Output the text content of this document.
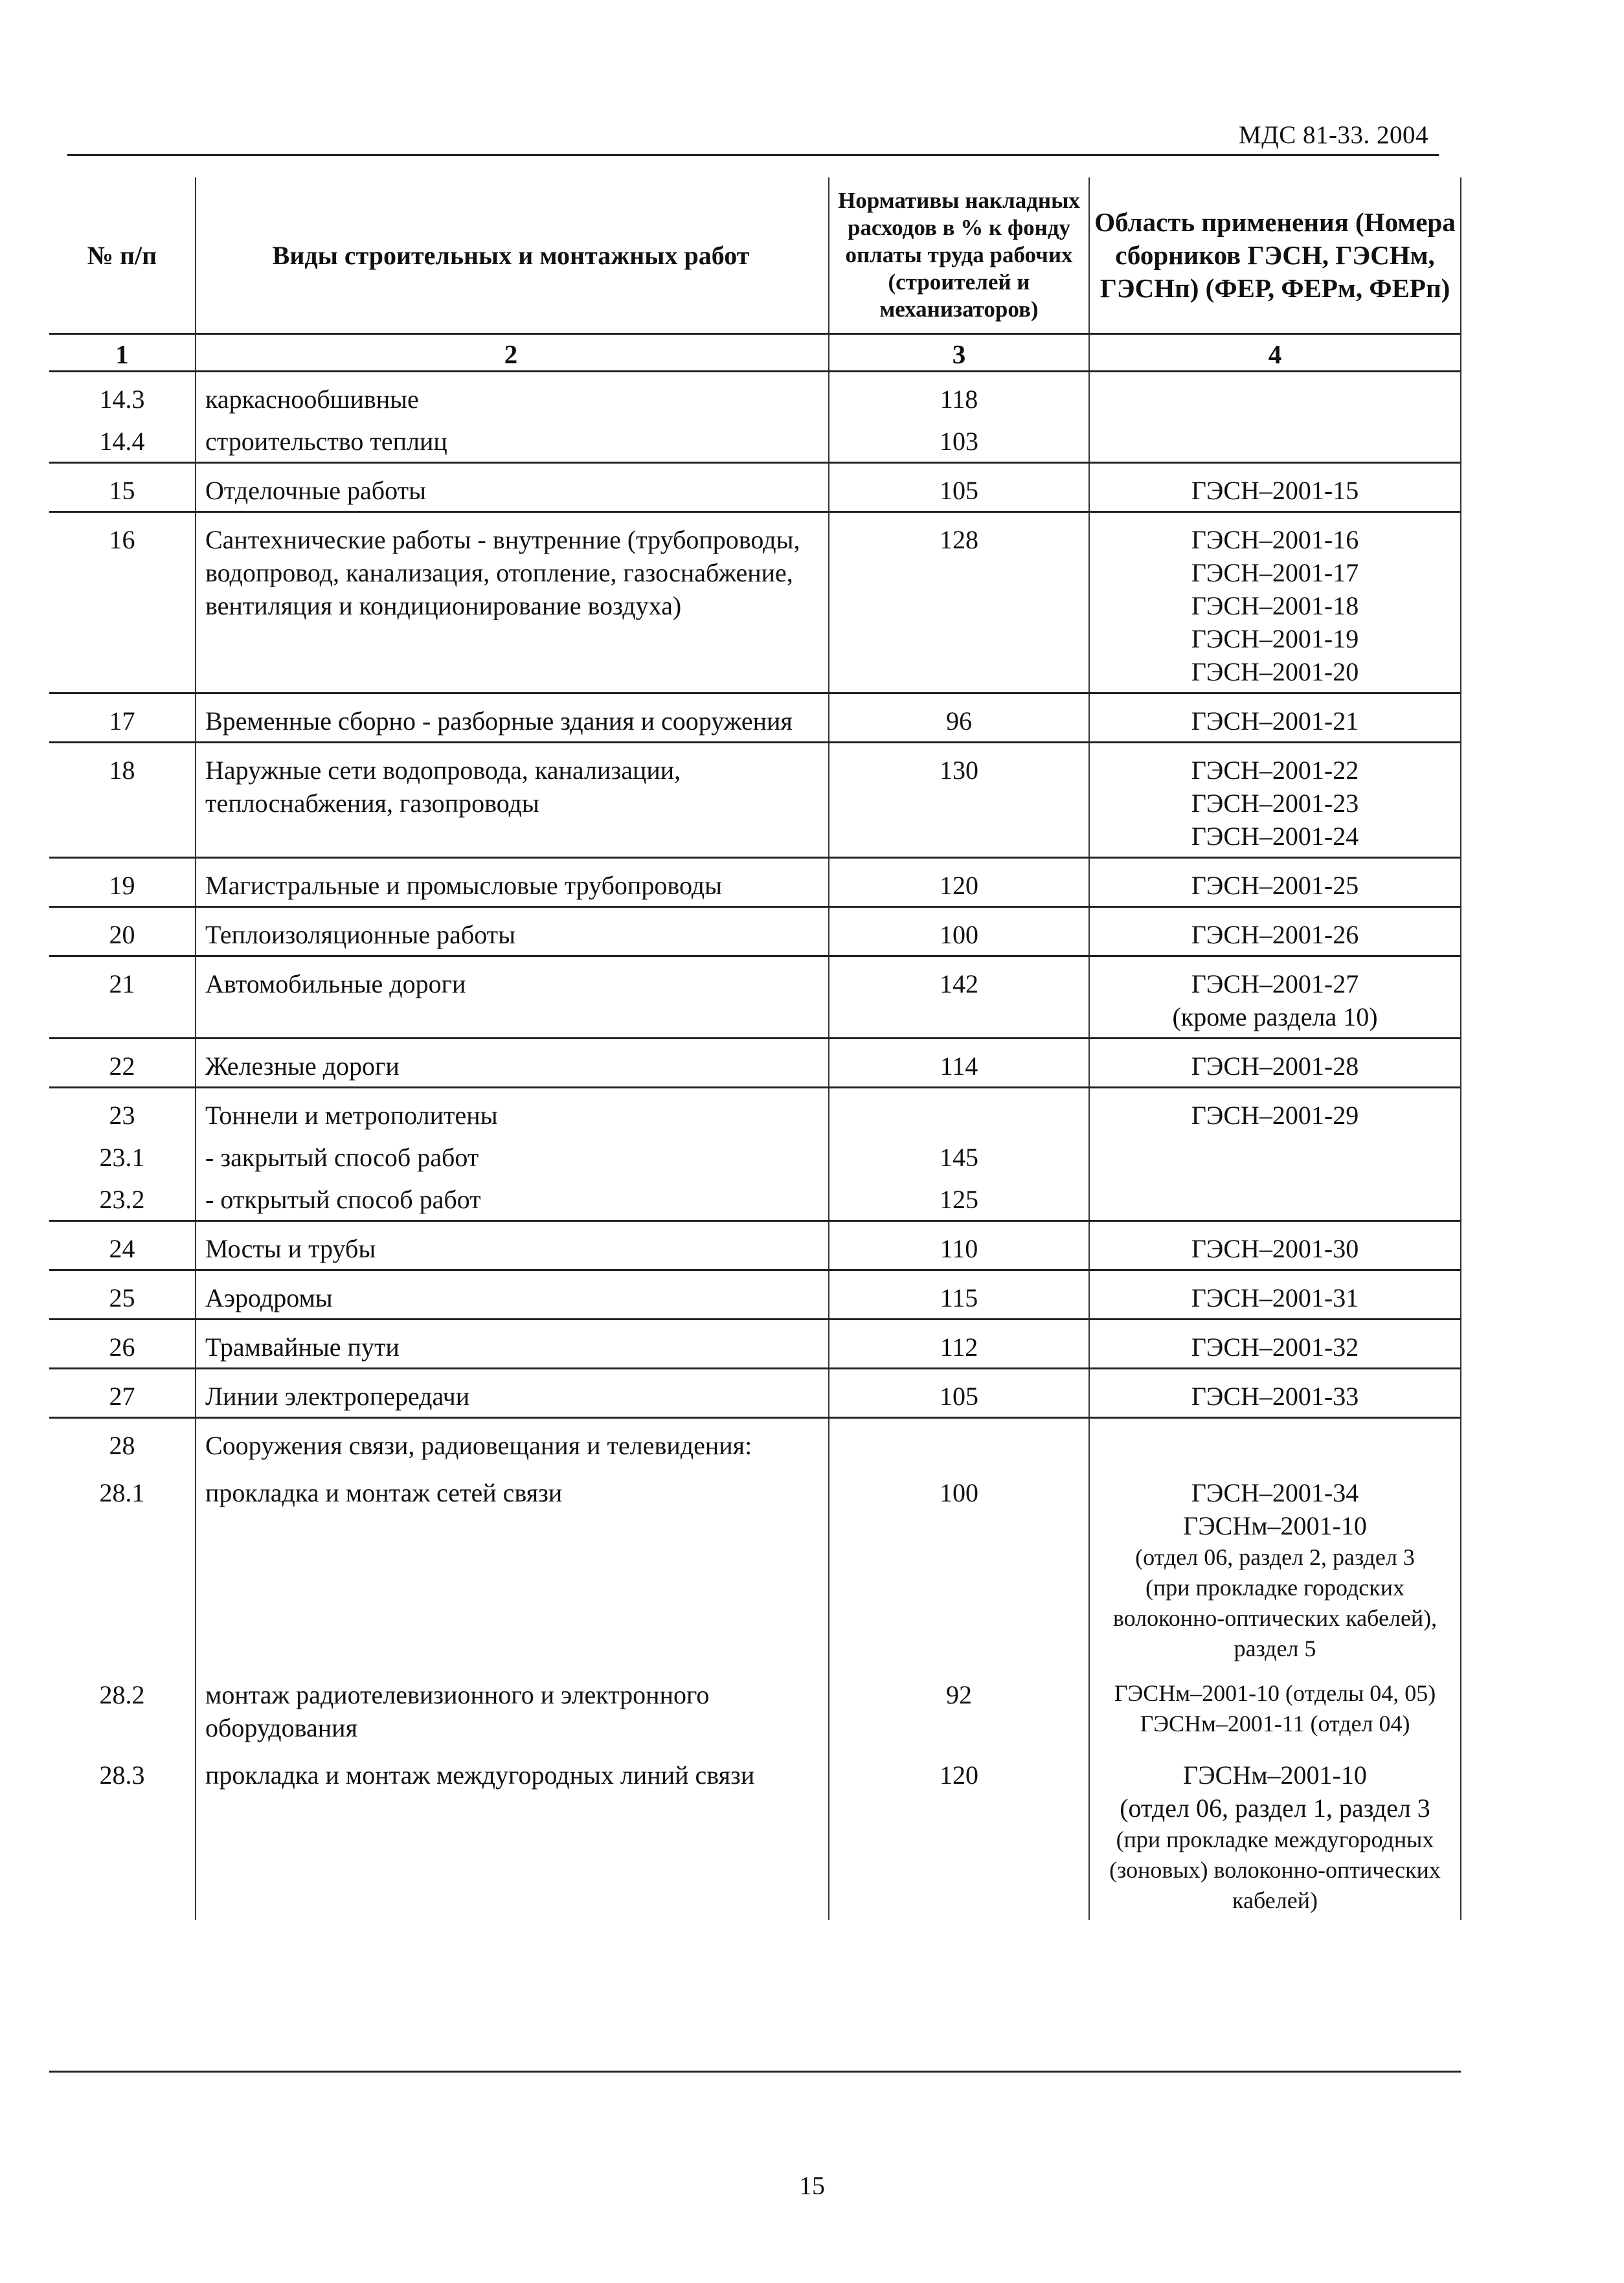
МДС 81-33. 2004
№ п/п	Виды строительных и монтажных работ	Нормативы накладных расходов в % к фонду оплаты труда рабочих (строителей и механизаторов)	Область применения (Номера сборников ГЭСН, ГЭСНм, ГЭСНп) (ФЕР, ФЕРм, ФЕРп)
1	2	3	4
14.3	каркаснообшивные	118	
14.4	строительство теплиц	103	
15	Отделочные работы	105	ГЭСН–2001-15

16	Сантехнические работы - внутренние (трубопроводы, водопровод, канализация, отопление, газоснабжение, вентиляция и кондиционирование воздуха)	128	ГЭСН–2001-16
ГЭСН–2001-17
ГЭСН–2001-18
ГЭСН–2001-19
ГЭСН–2001-20

17	Временные сборно - разборные здания и сооружения	96	ГЭСН–2001-21

18	Наружные сети водопровода, канализации, теплоснабжения, газопроводы	130	ГЭСН–2001-22
ГЭСН–2001-23
ГЭСН–2001-24

19	Магистральные и промысловые трубопроводы	120	ГЭСН–2001-25

20	Теплоизоляционные работы	100	ГЭСН–2001-26

21	Автомобильные дороги	142	ГЭСН–2001-27
(кроме раздела 10)

22	Железные дороги	114	ГЭСН–2001-28

23	Тоннели и метрополитены		ГЭСН–2001-29

23.1	- закрытый способ работ	145	
23.2	- открытый способ работ	125	
24	Мосты и трубы	110	ГЭСН–2001-30

25	Аэродромы	115	ГЭСН–2001-31

26	Трамвайные пути	112	ГЭСН–2001-32

27	Линии электропередачи	105	ГЭСН–2001-33

28	Сооружения связи, радиовещания и телевидения:		
28.1	прокладка и монтаж сетей связи	100	ГЭСН–2001-34
ГЭСНм–2001-10
(отдел 06, раздел 2, раздел 3
(при прокладке городских волоконно-оптических кабелей),
раздел 5

28.2	монтаж радиотелевизионного и электронного оборудования	92	ГЭСНм–2001-10 (отделы 04, 05)
ГЭСНм–2001-11 (отдел 04)

28.3	прокладка и монтаж междугородных линий связи	120	ГЭСНм–2001-10
(отдел 06, раздел 1, раздел 3
(при прокладке междугородных (зоновых) волоконно-оптических кабелей)
15
